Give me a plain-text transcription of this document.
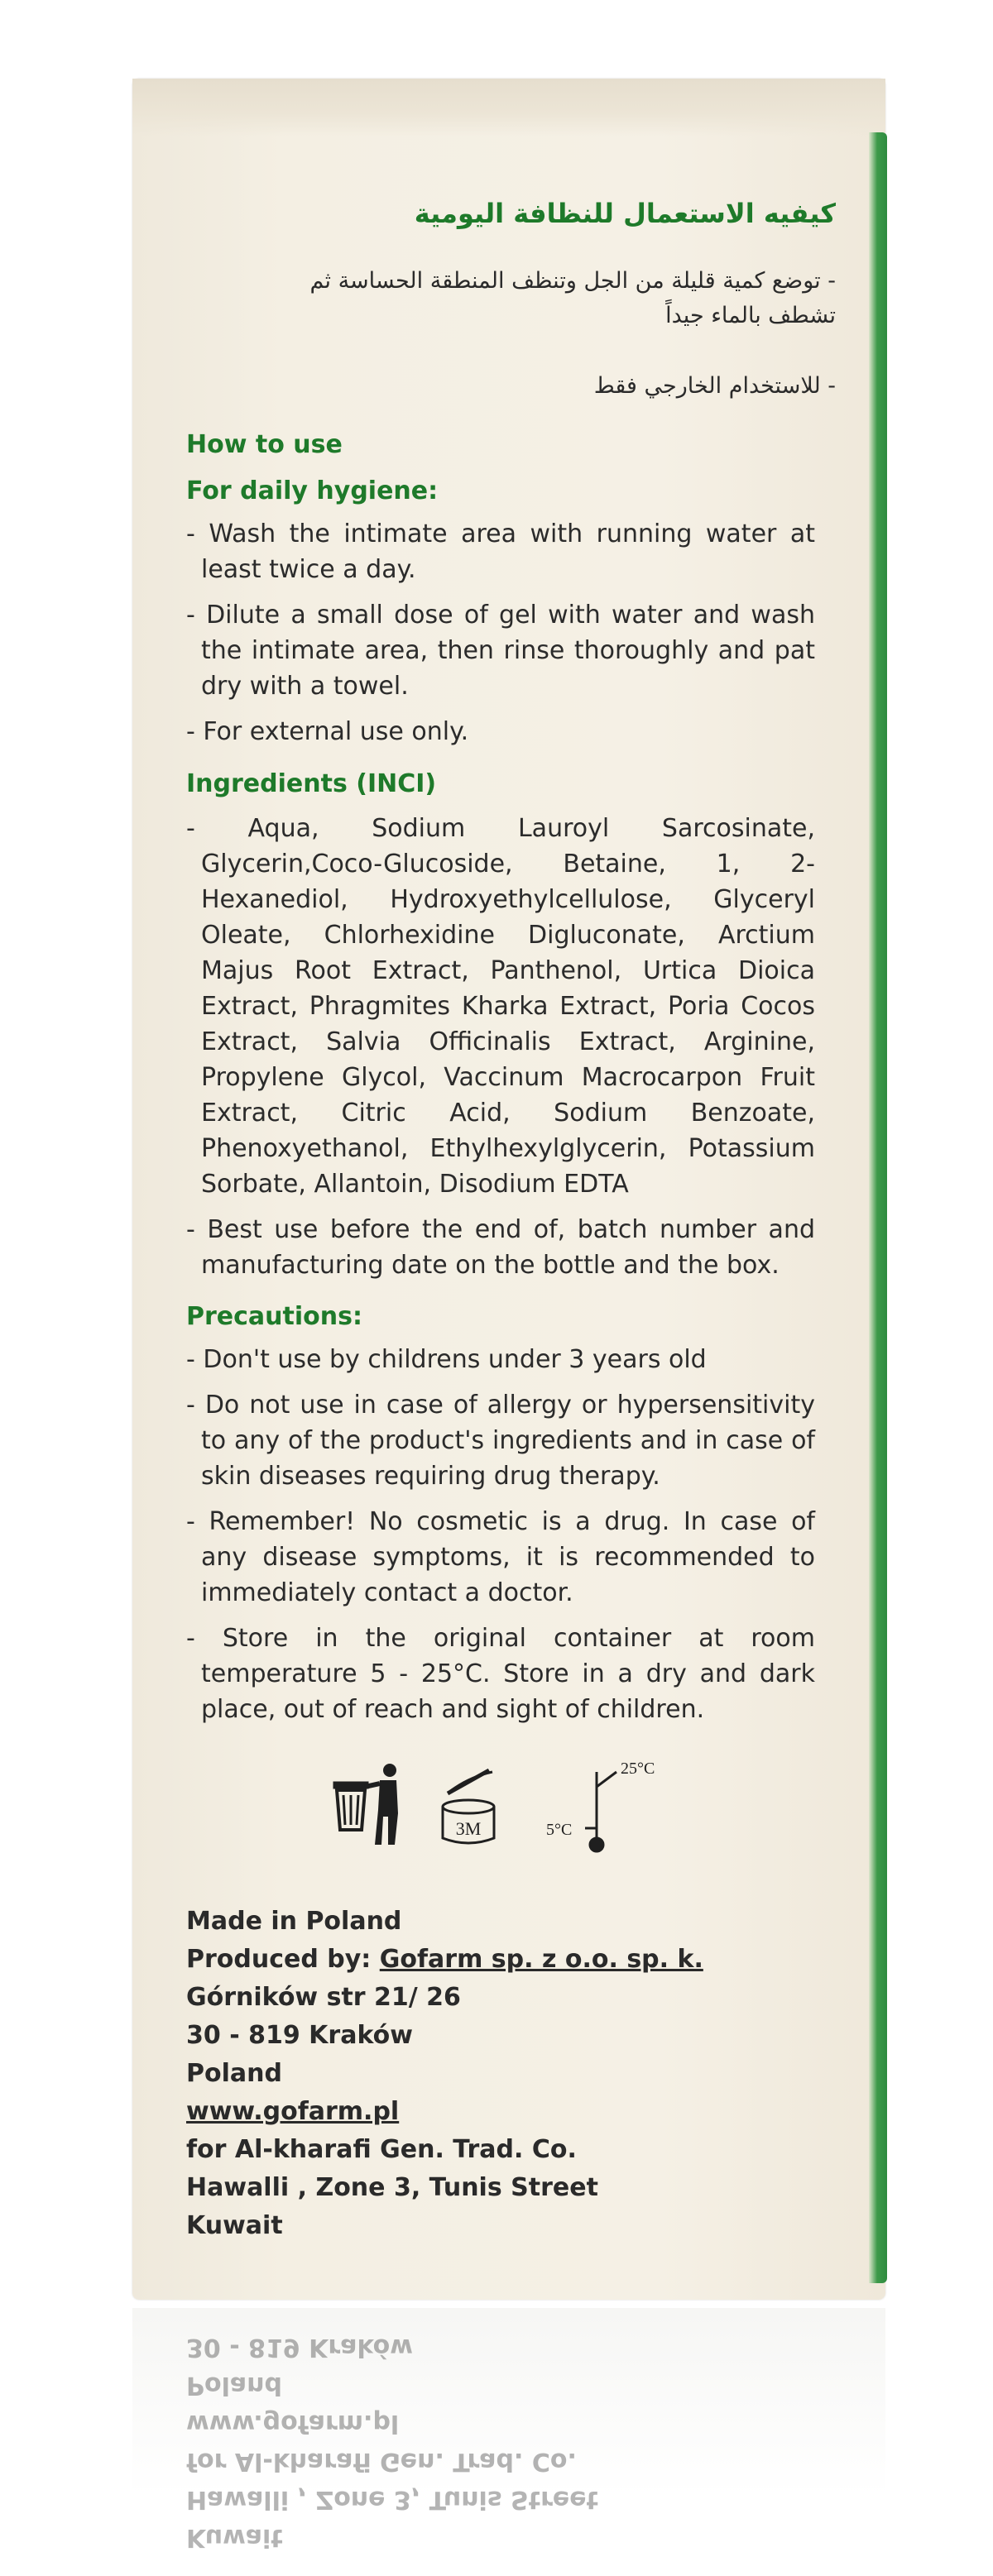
كيفيه الاستعمال للنظافة اليومية
- توضع كمية قليلة من الجل وتنظف المنطقة الحساسة ثم
تشطف بالماء جيداً
- للاستخدام الخارجي فقط
How to use
For daily hygiene:
- Wash the intimate area with running water at least twice a day.
- Dilute a small dose of gel with water and wash the intimate area, then rinse thoroughly and pat dry with a towel.
- For external use only.
Ingredients (INCI)
- Aqua, Sodium Lauroyl Sarcosinate, Glycerin,Coco-Glucoside, Betaine, 1, 2-Hexanediol, Hydroxyethylcellulose, Glyceryl Oleate, Chlorhexidine Digluconate, Arctium Majus Root Extract, Panthenol, Urtica Dioica Extract, Phragmites Kharka Extract, Poria Cocos Extract, Salvia Officinalis Extract, Arginine, Propylene Glycol, Vaccinum Macrocarpon Fruit Extract, Citric Acid, Sodium Benzoate, Phenoxyethanol, Ethylhexylglycerin, Potassium Sorbate, Allantoin, Disodium EDTA
- Best use before the end of, batch number and manufacturing date on the bottle and the box.
Precautions:
- Don't use by childrens under 3 years old
- Do not use in case of allergy or hypersensitivity to any of the product's ingredients and in case of skin diseases requiring drug therapy.
- Remember! No cosmetic is a drug. In case of any disease symptoms, it is recommended to immediately contact a doctor.
- Store in the original container at room temperature 5 - 25°C. Store in a dry and dark place, out of reach and sight of children.
3M
25°C
5°C
Made in Poland
Produced by: Gofarm sp. z o.o. sp. k.
Górników str 21/ 26
30 - 819 Kraków
Poland
www.gofarm.pl
for Al-kharafi Gen. Trad. Co.
Hawalli , Zone 3, Tunis Street
Kuwait
Kuwait
Hawalli , Zone 3, Tunis Street
for Al-kharafi Gen. Trad. Co.
www.gofarm.pl
Poland
30 - 819 Kraków
